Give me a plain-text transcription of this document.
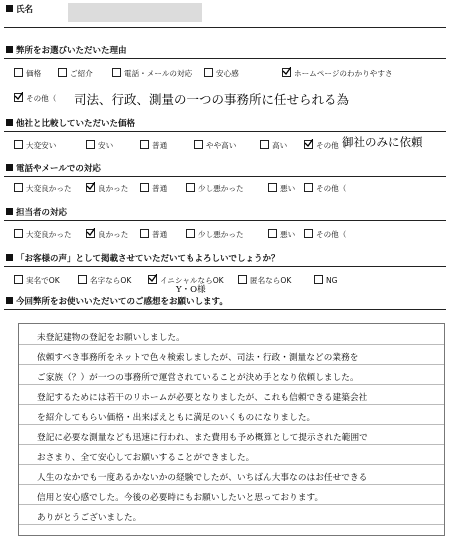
氏名
弊所をお選びいただいた理由
価格	ご紹介	電話・メールの対応	安心感	ホームページのわかりやすさ
その他（ 司法、行政、測量の一つの事務所に任せられる為
他社と比較していただいた価格
大変安い	安い	普通	やや高い	高い	その他（
御社のみに依頼
電話やメールでの対応
大変良かった	良かった	普通	少し悪かった	悪い	その他（
担当者の対応
大変良かった	良かった	普通	少し悪かった	悪い	その他（
「お客様の声」として掲載させていただいてもよろしいでしょうか？
実名でOK	名字ならOK	イニシャルならOK	匿名ならOK	NG
Y・O様
今回弊所をお使いいただいてのご感想をお願いします。
未登記建物の登記をお願いしました。
依頼すべき事務所をネットで色々検索しましたが、司法・行政・測量などの業務を
ご家族（？）が一つの事務所で運営されていることが決め手となり依頼しました。
登記するためには若干のリホームが必要となりましたが、これも信頼できる建築会社
を紹介してもらい価格・出来ばえともに満足のいくものになりました。
登記に必要な測量なども迅速に行われ、また費用も予め概算として提示された範囲で
おさまり、全て安心してお願いすることができました。
人生のなかでも一度あるかないかの経験でしたが、いちばん大事なのはお任せできる
信用と安心感でした。今後の必要時にもお願いしたいと思っております。
ありがとうございました。
